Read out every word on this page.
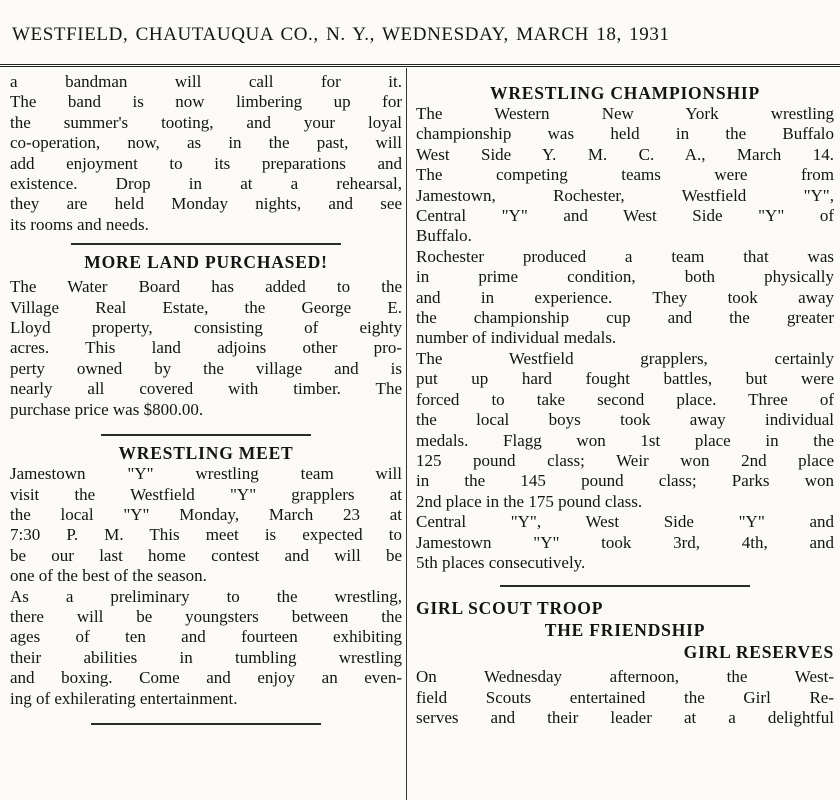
WESTFIELD, CHAUTAUQUA CO., N. Y., WEDNESDAY, MARCH 18, 1931
a bandman will call for it.
The band is now limbering up for
the summer's tooting, and your loyal
co-operation, now, as in the past, will
add enjoyment to its preparations and
existence. Drop in at a rehearsal,
they are held Monday nights, and see
its rooms and needs.
MORE LAND PURCHASED!
The Water Board has added to the
Village Real Estate, the George E.
Lloyd property, consisting of eighty
acres. This land adjoins other pro-
perty owned by the village and is
nearly all covered with timber. The
purchase price was $800.00.
WRESTLING MEET
Jamestown "Y" wrestling team will
visit the Westfield "Y" grapplers at
the local "Y" Monday, March 23 at
7:30 P. M. This meet is expected to
be our last home contest and will be
one of the best of the season.
As a preliminary to the wrestling,
there will be youngsters between the
ages of ten and fourteen exhibiting
their abilities in tumbling wrestling
and boxing. Come and enjoy an even-
ing of exhilerating entertainment.
WRESTLING CHAMPIONSHIP
The Western New York wrestling
championship was held in the Buffalo
West Side Y. M. C. A., March 14.
The competing teams were from
Jamestown, Rochester, Westfield "Y",
Central "Y" and West Side "Y" of
Buffalo.
Rochester produced a team that was
in prime condition, both physically
and in experience. They took away
the championship cup and the greater
number of individual medals.
The Westfield grapplers, certainly
put up hard fought battles, but were
forced to take second place. Three of
the local boys took away individual
medals. Flagg won 1st place in the
125 pound class; Weir won 2nd place
in the 145 pound class; Parks won
2nd place in the 175 pound class.
Central "Y", West Side "Y" and
Jamestown "Y" took 3rd, 4th, and
5th places consecutively.
GIRL SCOUT TROOP
THE FRIENDSHIP
GIRL RESERVES
On Wednesday afternoon, the West-
field Scouts entertained the Girl Re-
serves and their leader at a delightful
